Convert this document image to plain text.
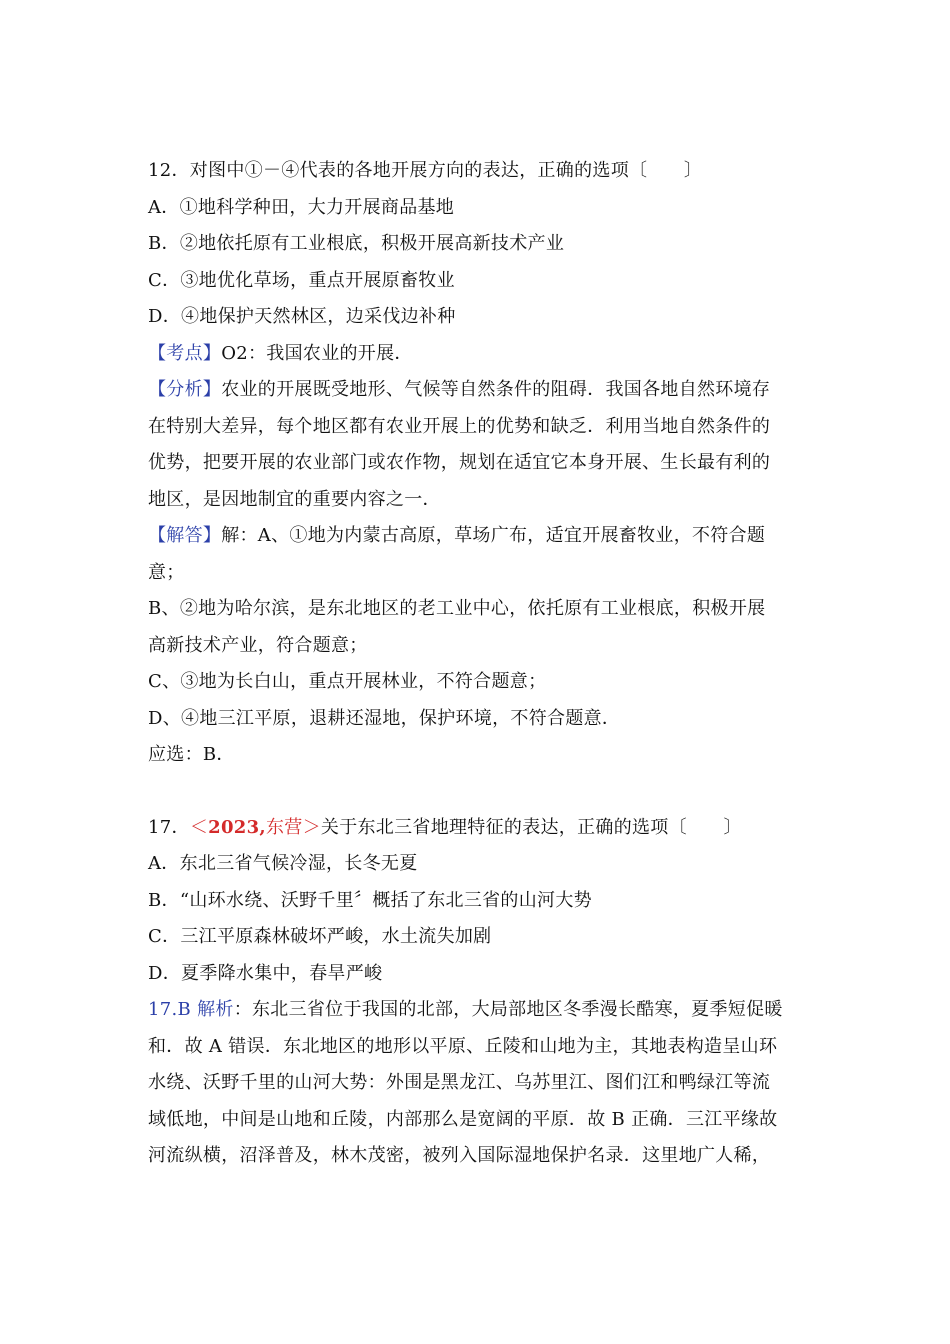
12．对图中①－④代表的各地开展方向的表达，正确的选项〔　　〕
A．①地科学种田，大力开展商品基地
B．②地依托原有工业根底，积极开展高新技术产业
C．③地优化草场，重点开展原畜牧业
D．④地保护天然林区，边采伐边补种
【考点】O2：我国农业的开展．
【分析】农业的开展既受地形、气候等自然条件的阻碍．我国各地自然环境存
在特别大差异，每个地区都有农业开展上的优势和缺乏．利用当地自然条件的
优势，把要开展的农业部门或农作物，规划在适宜它本身开展、生长最有利的
地区，是因地制宜的重要内容之一．
【解答】解：A、①地为内蒙古高原，草场广布，适宜开展畜牧业，不符合题
意；
B、②地为哈尔滨，是东北地区的老工业中心，依托原有工业根底，积极开展
高新技术产业，符合题意；
C、③地为长白山，重点开展林业，不符合题意；
D、④地三江平原，退耕还湿地，保护环境，不符合题意．
应选：B．
17．＜2023,东营＞关于东北三省地理特征的表达，正确的选项〔　　〕
A．东北三省气候冷湿，长冬无夏
B．“山环水绕、沃野千里〞概括了东北三省的山河大势
C．三江平原森林破坏严峻，水土流失加剧
D．夏季降水集中，春旱严峻
17.B 解析：东北三省位于我国的北部，大局部地区冬季漫长酷寒，夏季短促暖
和．故 A 错误．东北地区的地形以平原、丘陵和山地为主，其地表构造呈山环
水绕、沃野千里的山河大势：外围是黑龙江、乌苏里江、图们江和鸭绿江等流
域低地，中间是山地和丘陵，内部那么是宽阔的平原．故 B 正确．三江平缘故
河流纵横，沼泽普及，林木茂密，被列入国际湿地保护名录．这里地广人稀，
